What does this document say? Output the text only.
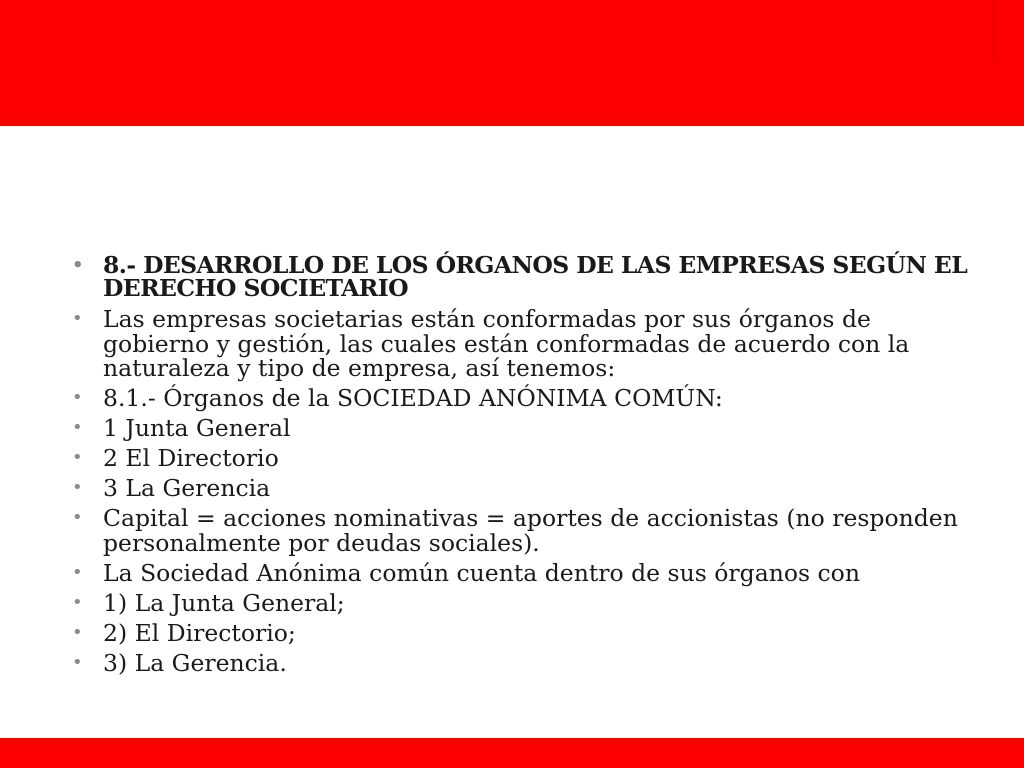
• 8.- DESARROLLO DE LOS ÓRGANOS DE LAS EMPRESAS SEGÚN EL DERECHO SOCIETARIO
• Las empresas societarias están conformadas por sus órganos de gobierno y gestión, las cuales están conformadas de acuerdo con la naturaleza y tipo de empresa, así tenemos:
• 8.1.- Órganos de la SOCIEDAD ANÓNIMA COMÚN:
• 1 Junta General
• 2 El Directorio
• 3 La Gerencia
• Capital = acciones nominativas = aportes de accionistas (no responden personalmente por deudas sociales).
• La Sociedad Anónima común cuenta dentro de sus órganos con
• 1) La Junta General;
• 2) El Directorio;
• 3) La Gerencia.
